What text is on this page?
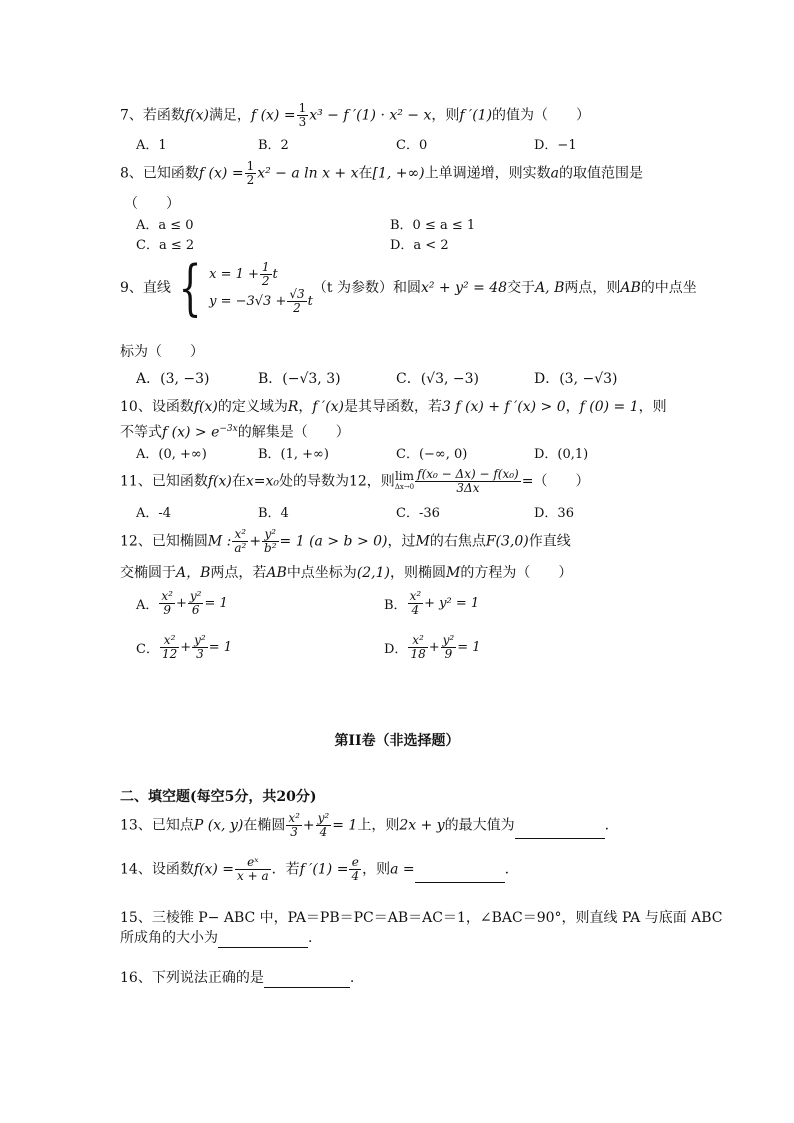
7、若函数f(x)满足，f $(x) = \frac{1}{3} x^3 - f$ ′(1) · x² − x，则f ′(1)的值为（　　）
A．1	B．2	C．0	D．−1
8、已知函数f $(x) = \frac{1}{2} x^2 - a$ ln x + x在[1, +∞)上单调递增，则实数a的取值范围是
（　　）
A．a ≤ 0	B．0 ≤ a ≤ 1
C．a ≤ 2	D．a < 2
9、直线 { $x = 1 + \frac{1}{2}$ t
$y = -3√3 + \frac{√3}{2}$ t
（t 为参数）和圆x² + y² = 48交于A, B两点，则AB的中点坐
标为（　　）
A．(3, −3)	B．(−√3, 3)	C．(√3, −3)	D．(3, −√3)
10、设函数f(x)的定义域为R，f ′(x)是其导函数，若3 f (x) + f ′(x) > 0，f (0) = 1，则
不等式f $(x) > e^{-3x}$的解集是（　　）
A．(0, +∞)	B．(1, +∞)	C．(−∞, 0)	D．(0,1)
11、已知函数f(x)在x=x₀处的导数为12，则lim
$\Delta x\to 0 \frac{\text{f(x₀ − Δx) − f(x₀)}}{3\Delta x}$ =（　　）
A．-4	B．4	C．-36	D．36
12、已知椭圆M : $\frac{\text{x²}}{\text{a²}} + \frac{\text{y²}}{\text{b²}} = 1$ (a > b > 0)，过M的右焦点F(3,0)作直线
交椭圆于A，B两点，若AB中点坐标为(2,1)，则椭圆M的方程为（　　）
A． $\frac{\text{x²}}{9} + \frac{\text{y²}}{6} = 1$	B． $\frac{\text{x²}}{4} + y^2 = 1$
C． $\frac{\text{x²}}{12} + \frac{\text{y²}}{3} = 1$	D． $\frac{\text{x²}}{18} + \frac{\text{y²}}{9} = 1$
第II卷（非选择题）
二、填空题(每空5分，共20分)
13、已知点P (x, y)在椭圆 $\frac{\text{x²}}{3} + \frac{\text{y²}}{4} = 1$上，则2x + y的最大值为	.
14、设函数$f(x) = \frac{\text{eˣ}}{x + a}$ ．若f $'(1) = \frac{e}{4}$ ，则a =	.
15、三棱锥 P− ABC 中，PA＝PB＝PC＝AB＝AC＝1，∠BAC＝90°，则直线 PA 与底面 ABC
所成角的大小为	.
16、下列说法正确的是	.
